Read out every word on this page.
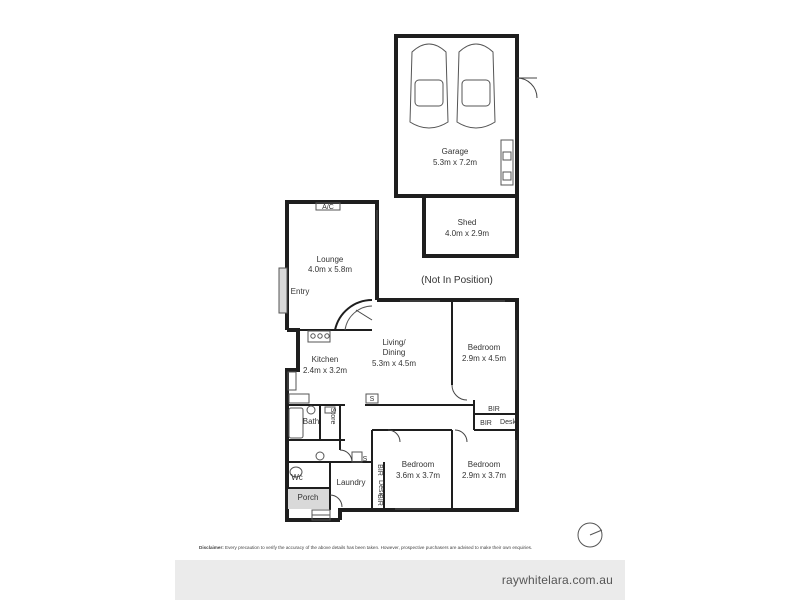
Garage
5.3m x 7.2m
Shed
4.0m x 2.9m
(Not In Position)
A/C
Lounge
4.0m x 5.8m
Entry
Kitchen
2.4m x 3.2m
Living/
Dining
5.3m x 4.5m
Bedroom
2.9m x 4.5m
Bedroom
3.6m x 3.7m
Bedroom
2.9m x 3.7m
Bath Store
Wc
Laundry
Porch
S
S
BIR
BIR Desk
BIR
Desk
BIR
Disclaimer: Every precaution to verify the accuracy of the above details has been taken. However, prospective purchasers are advised to make their own enquiries.
raywhitelara.com.au
